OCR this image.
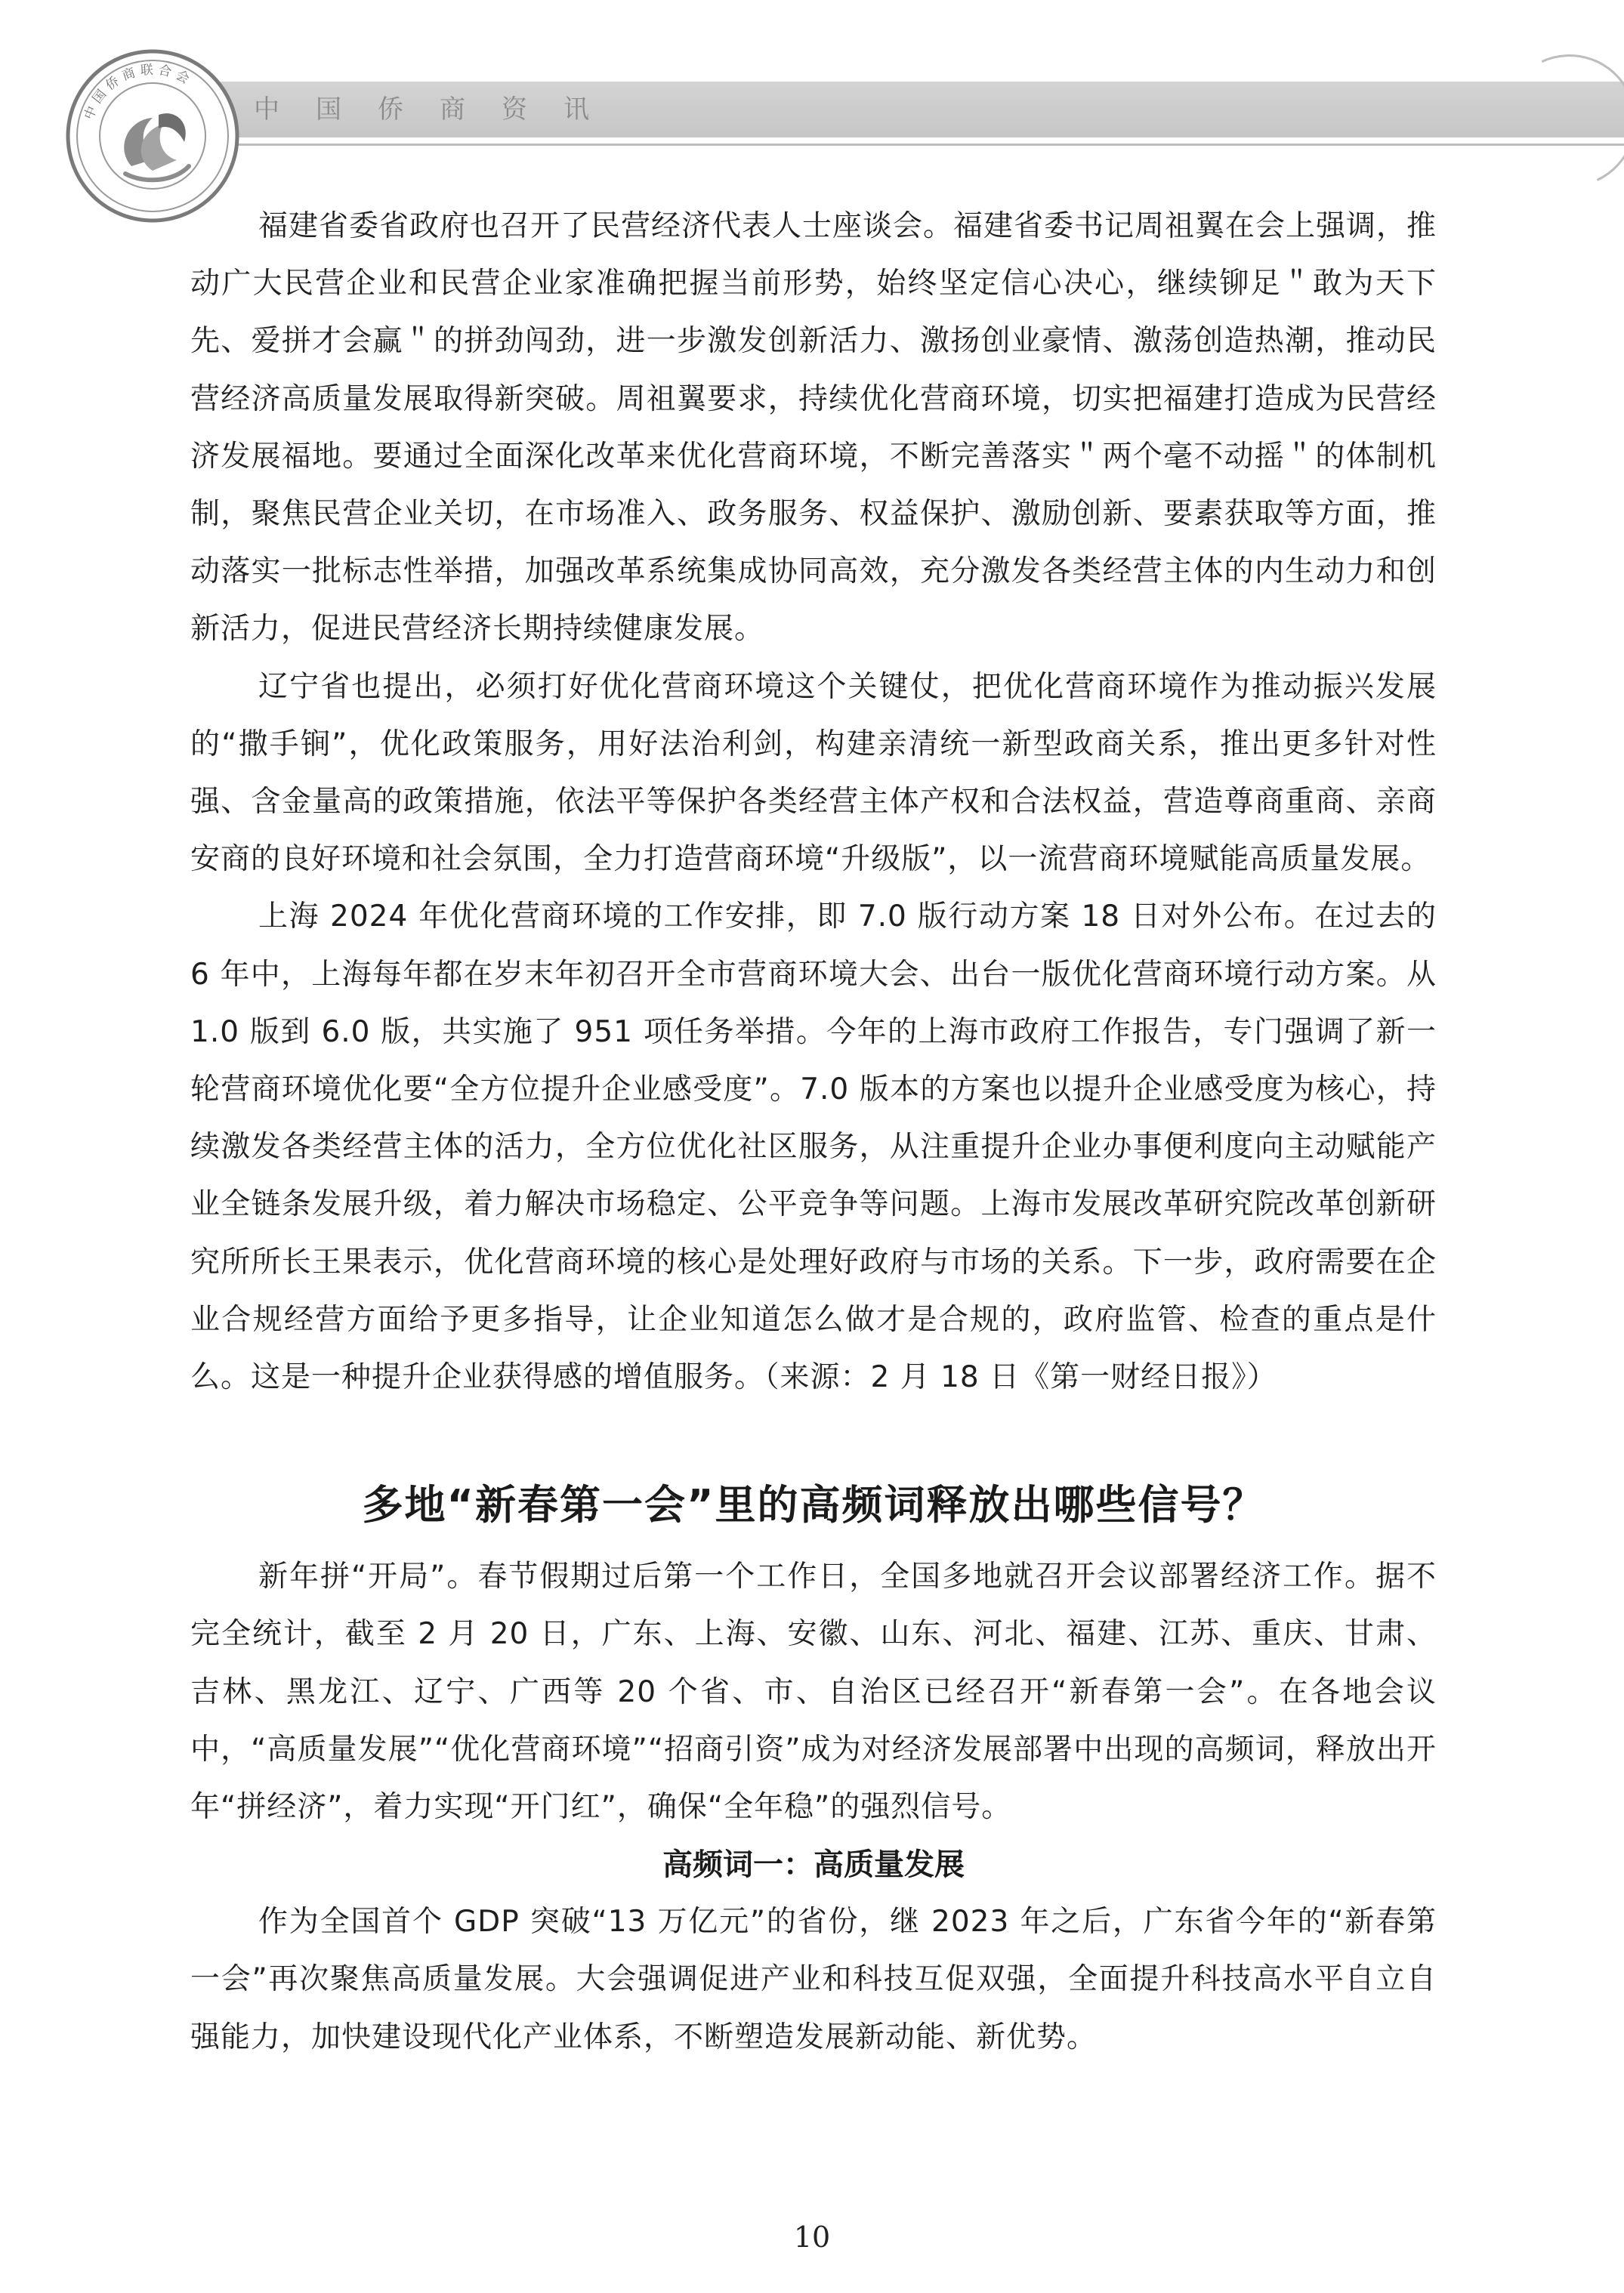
中国侨商资讯
中国侨商联合会

福建省委省政府也召开了民营经济代表人士座谈会。福建省委书记周祖翼在会上强调，推动广大民营企业和民营企业家准确把握当前形势，始终坚定信心决心，继续铆足＂敢为天下先、爱拼才会赢＂的拼劲闯劲，进一步激发创新活力、激扬创业豪情、激荡创造热潮，推动民营经济高质量发展取得新突破。周祖翼要求，持续优化营商环境，切实把福建打造成为民营经济发展福地。要通过全面深化改革来优化营商环境，不断完善落实＂两个毫不动摇＂的体制机制，聚焦民营企业关切，在市场准入、政务服务、权益保护、激励创新、要素获取等方面，推动落实一批标志性举措，加强改革系统集成协同高效，充分激发各类经营主体的内生动力和创新活力，促进民营经济长期持续健康发展。

辽宁省也提出，必须打好优化营商环境这个关键仗，把优化营商环境作为推动振兴发展的“撒手锏”，优化政策服务，用好法治利剑，构建亲清统一新型政商关系，推出更多针对性强、含金量高的政策措施，依法平等保护各类经营主体产权和合法权益，营造尊商重商、亲商安商的良好环境和社会氛围，全力打造营商环境“升级版”，以一流营商环境赋能高质量发展。

上海 2024 年优化营商环境的工作安排，即 7.0 版行动方案 18 日对外公布。在过去的 6 年中，上海每年都在岁末年初召开全市营商环境大会、出台一版优化营商环境行动方案。从 1.0 版到 6.0 版，共实施了 951 项任务举措。今年的上海市政府工作报告，专门强调了新一轮营商环境优化要“全方位提升企业感受度”。7.0 版本的方案也以提升企业感受度为核心，持续激发各类经营主体的活力，全方位优化社区服务，从注重提升企业办事便利度向主动赋能产业全链条发展升级，着力解决市场稳定、公平竞争等问题。上海市发展改革研究院改革创新研究所所长王果表示，优化营商环境的核心是处理好政府与市场的关系。下一步，政府需要在企业合规经营方面给予更多指导，让企业知道怎么做才是合规的，政府监管、检查的重点是什么。这是一种提升企业获得感的增值服务。（来源：2 月 18 日《第一财经日报》）

多地“新春第一会”里的高频词释放出哪些信号？

新年拼“开局”。春节假期过后第一个工作日，全国多地就召开会议部署经济工作。据不完全统计，截至 2 月 20 日，广东、上海、安徽、山东、河北、福建、江苏、重庆、甘肃、吉林、黑龙江、辽宁、广西等 20 个省、市、自治区已经召开“新春第一会”。在各地会议中，“高质量发展”“优化营商环境”“招商引资”成为对经济发展部署中出现的高频词，释放出开年“拼经济”，着力实现“开门红”，确保“全年稳”的强烈信号。

高频词一：高质量发展

作为全国首个 GDP 突破“13 万亿元”的省份，继 2023 年之后，广东省今年的“新春第一会”再次聚焦高质量发展。大会强调促进产业和科技互促双强，全面提升科技高水平自立自强能力，加快建设现代化产业体系，不断塑造发展新动能、新优势。

10
